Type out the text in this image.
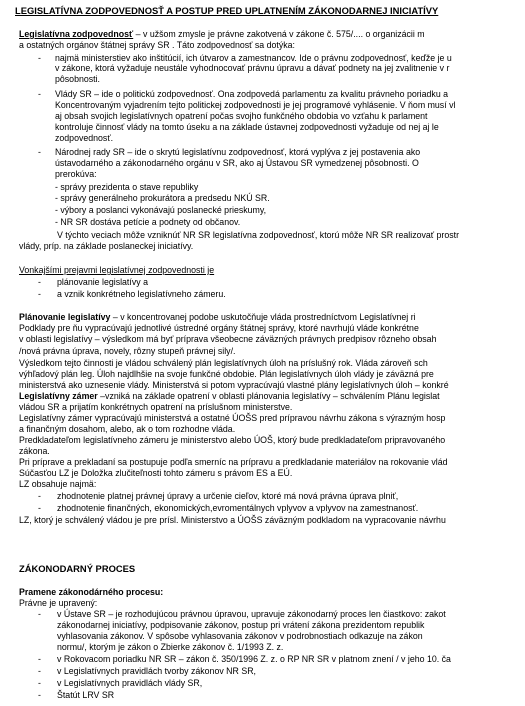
LEGISLATÍVNA ZODPOVEDNOSŤ A POSTUP PRED UPLATNENÍM ZÁKONODARNEJ INICIATÍVY
Legislatívna zodpovednosť – v užšom zmysle je právne zakotvená v zákone č. 575/.... o organizácii m
a ostatných orgánov štátnej správy SR . Táto zodpovednosť sa dotýka:
- najmä ministerstiev ako inštitúcií, ich útvarov a zamestnancov. Ide o právnu zodpovednosť, keďže je u
v zákone, ktorá vyžaduje neustále vyhodnocovať právnu úpravu a dávať podnety na jej zvalitnenie v r
pôsobnosti.
- Vlády SR – ide o politickú zodpovednosť. Ona zodpovedá parlamentu za kvalitu právneho poriadku a
Koncentrovaným vyjadrením tejto politickej zodpovednosti je jej programové vyhlásenie. V ňom musí vl
aj obsah svojich legislatívnych opatrení počas svojho funkčného obdobia vo vzťahu k parlament
kontroluje činnosť vlády na tomto úseku a na základe ústavnej zodpovednosti vyžaduje od nej aj le
zodpovednosť.
- Národnej rady SR – ide o skrytú legislatívnu zodpovednosť, ktorá vyplýva z jej postavenia ako
ústavodarného a zákonodarného orgánu v SR, ako aj Ústavou SR vymedzenej pôsobnosti. O
prerokúva:
- správy prezidenta o stave republiky
- správy generálneho prokurátora a predsedu NKÚ SR.
- výbory a poslanci vykonávajú poslanecké prieskumy,
- NR SR dostáva petície a podnety od občanov.
V týchto veciach môže vzniknúť NR SR legislatívna zodpovednosť, ktorú môže NR SR realizovať prostr
vlády, príp. na základe poslaneckej iniciatívy.
Vonkajšími prejavmi legislatívnej zodpovednosti je
- plánovanie legislatívy a
- a vznik konkrétneho legislatívneho zámeru.
Plánovanie legislatívy – v koncentrovanej podobe uskutočňuje vláda prostredníctvom Legislatívnej ri
Podklady pre ňu vypracúvajú jednotlivé ústredné orgány štátnej správy, ktoré navrhujú vláde konkrétne
v oblasti legislatívy – výsledkom má byť príprava všeobecne záväzných právnych predpisov rôzneho obsah
/nová právna úprava, novely, rôzny stupeň právnej sily/.
Výsledkom tejto činnosti je vládou schválený plán legislatívnych úloh na príslušný rok. Vláda zároveň sch
výhľadový plán leg. Úloh najdlhšie na svoje funkčné obdobie. Plán legislatívnych úloh vlády je záväzná pre
ministerstvá ako uznesenie vlády. Ministerstvá si potom vypracúvajú vlastné plány legislatívnych úloh – konkré
Legislatívny zámer –vzniká na základe opatrení v oblasti plánovania legislatívy – schválením Plánu legislat
vládou SR a prijatím konkrétnych opatrení na príslušnom ministerstve.
Legislatívny zámer vypracúvajú ministerstvá a ostatné ÚOŠS pred prípravou návrhu zákona s výrazným hosp
a finančným dosahom, alebo, ak o tom rozhodne vláda.
Predkladateľom legislatívneho zámeru je ministerstvo alebo ÚOŠ, ktorý bude predkladateľom pripravovaného
zákona.
Pri príprave a prekladaní sa postupuje podľa smerníc na prípravu a predkladanie materiálov na rokovanie vlád
Súčasťou LZ je Doložka zlučiteľnosti tohto zámeru s právom ES a EÚ.
LZ obsahuje najmä:
- zhodnotenie platnej právnej úpravy a určenie cieľov, ktoré má nová právna úprava plniť,
- zhodnotenie finančných, ekonomických,evromentálnych vplyvov a vplyvov na zamestnanosť.
LZ, ktorý je schválený vládou je pre prísl. Ministerstvo a ÚOŠS záväzným podkladom na vypracovanie návrhu
ZÁKONODARNÝ PROCES
Pramene zákonodárného procesu:
Právne je upravený:
- v Ústave SR – je rozhodujúcou právnou úpravou, upravuje zákonodarný proces len čiastkovo: zakot
zákonodarnej iniciatívy, podpisovanie zákonov, postup pri vrátení zákona prezidentom republik
vyhlasovania zákonov. V spôsobe vyhlasovania zákonov v podrobnostiach odkazuje na zákon
normu/, ktorým je zákon o Zbierke zákonov č. 1/1993 Z. z.
- v Rokovacom poriadku NR SR – zákon č. 350/1996 Z. z. o RP NR SR v platnom znení / v jeho 10. ča
- v Legislatívnych pravidlách tvorby zákonov NR SR,
- v Legislatívnych pravidlách vlády SR,
- Štatút LRV SR
